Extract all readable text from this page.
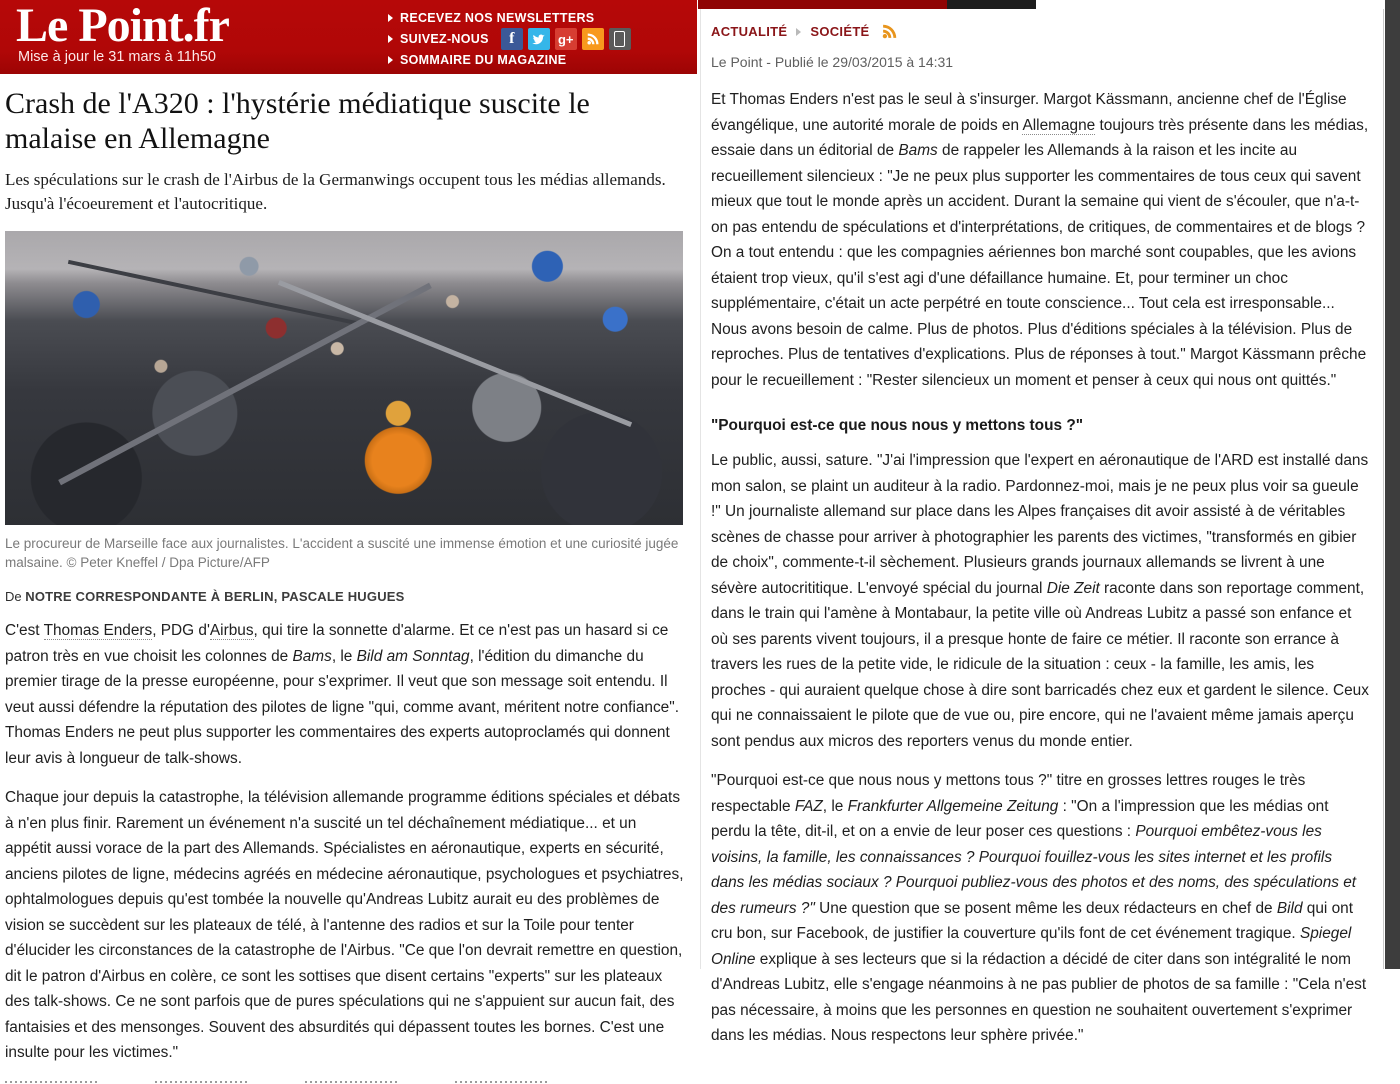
Le Point.fr
Mise à jour le 31 mars à 11h50
RECEVEZ NOS NEWSLETTERS
SUIVEZ-NOUS	f	g+
SOMMAIRE DU MAGAZINE
Crash de l'A320 : l'hystérie médiatique suscite le malaise en Allemagne

Les spéculations sur le crash de l'Airbus de la Germanwings occupent tous les médias allemands. Jusqu'à l'écoeurement et l'autocritique.

Le procureur de Marseille face aux journalistes. L'accident a suscité une immense émotion et une curiosité jugée malsaine. © Peter Kneffel / Dpa Picture/AFP

De NOTRE CORRESPONDANTE À BERLIN, PASCALE HUGUES

C'est Thomas Enders, PDG d'Airbus, qui tire la sonnette d'alarme. Et ce n'est pas un hasard si ce patron très en vue choisit les colonnes de Bams, le Bild am Sonntag, l'édition du dimanche du premier tirage de la presse européenne, pour s'exprimer. Il veut que son message soit entendu. Il veut aussi défendre la réputation des pilotes de ligne "qui, comme avant, méritent notre confiance". Thomas Enders ne peut plus supporter les commentaires des experts autoproclamés qui donnent leur avis à longueur de talk-shows.

Chaque jour depuis la catastrophe, la télévision allemande programme éditions spéciales et débats à n'en plus finir. Rarement un événement n'a suscité un tel déchaînement médiatique... et un appétit aussi vorace de la part des Allemands. Spécialistes en aéronautique, experts en sécurité, anciens pilotes de ligne, médecins agréés en médecine aéronautique, psychologues et psychiatres, ophtalmologues depuis qu'est tombée la nouvelle qu'Andreas Lubitz aurait eu des problèmes de vision se succèdent sur les plateaux de télé, à l'antenne des radios et sur la Toile pour tenter d'élucider les circonstances de la catastrophe de l'Airbus. "Ce que l'on devrait remettre en question, dit le patron d'Airbus en colère, ce sont les sottises que disent certains "experts" sur les plateaux des talk-shows. Ce ne sont parfois que de pures spéculations qui ne s'appuient sur aucun fait, des fantaisies et des mensonges. Souvent des absurdités qui dépassent toutes les bornes. C'est une insulte pour les victimes."

ACTUALITÉ SOCIÉTÉ

Le Point - Publié le 29/03/2015 à 14:31

Et Thomas Enders n'est pas le seul à s'insurger. Margot Kässmann, ancienne chef de l'Église évangélique, une autorité morale de poids en Allemagne toujours très présente dans les médias, essaie dans un éditorial de Bams de rappeler les Allemands à la raison et les incite au recueillement silencieux : "Je ne peux plus supporter les commentaires de tous ceux qui savent mieux que tout le monde après un accident. Durant la semaine qui vient de s'écouler, que n'a-t-on pas entendu de spéculations et d'interprétations, de critiques, de commentaires et de blogs ? On a tout entendu : que les compagnies aériennes bon marché sont coupables, que les avions étaient trop vieux, qu'il s'est agi d'une défaillance humaine. Et, pour terminer un choc supplémentaire, c'était un acte perpétré en toute conscience... Tout cela est irresponsable... Nous avons besoin de calme. Plus de photos. Plus d'éditions spéciales à la télévision. Plus de reproches. Plus de tentatives d'explications. Plus de réponses à tout." Margot Kässmann prêche pour le recueillement : "Rester silencieux un moment et penser à ceux qui nous ont quittés."

"Pourquoi est-ce que nous nous y mettons tous ?"

Le public, aussi, sature. "J'ai l'impression que l'expert en aéronautique de l'ARD est installé dans mon salon, se plaint un auditeur à la radio. Pardonnez-moi, mais je ne peux plus voir sa gueule !" Un journaliste allemand sur place dans les Alpes françaises dit avoir assisté à de véritables scènes de chasse pour arriver à photographier les parents des victimes, "transformés en gibier de choix", commente-t-il sèchement. Plusieurs grands journaux allemands se livrent à une sévère autocrititique. L'envoyé spécial du journal Die Zeit raconte dans son reportage comment, dans le train qui l'amène à Montabaur, la petite ville où Andreas Lubitz a passé son enfance et où ses parents vivent toujours, il a presque honte de faire ce métier. Il raconte son errance à travers les rues de la petite vide, le ridicule de la situation : ceux - la famille, les amis, les proches - qui auraient quelque chose à dire sont barricadés chez eux et gardent le silence. Ceux qui ne connaissaient le pilote que de vue ou, pire encore, qui ne l'avaient même jamais aperçu sont pendus aux micros des reporters venus du monde entier.

"Pourquoi est-ce que nous nous y mettons tous ?" titre en grosses lettres rouges le très respectable FAZ, le Frankfurter Allgemeine Zeitung : "On a l'impression que les médias ont perdu la tête, dit-il, et on a envie de leur poser ces questions : Pourquoi embêtez-vous les voisins, la famille, les connaissances ? Pourquoi fouillez-vous les sites internet et les profils dans les médias sociaux ? Pourquoi publiez-vous des photos et des noms, des spéculations et des rumeurs ?" Une question que se posent même les deux rédacteurs en chef de Bild qui ont cru bon, sur Facebook, de justifier la couverture qu'ils font de cet événement tragique. Spiegel Online explique à ses lecteurs que si la rédaction a décidé de citer dans son intégralité le nom d'Andreas Lubitz, elle s'engage néanmoins à ne pas publier de photos de sa famille : "Cela n'est pas nécessaire, à moins que les personnes en question ne souhaitent ouvertement s'exprimer dans les médias. Nous respectons leur sphère privée."
